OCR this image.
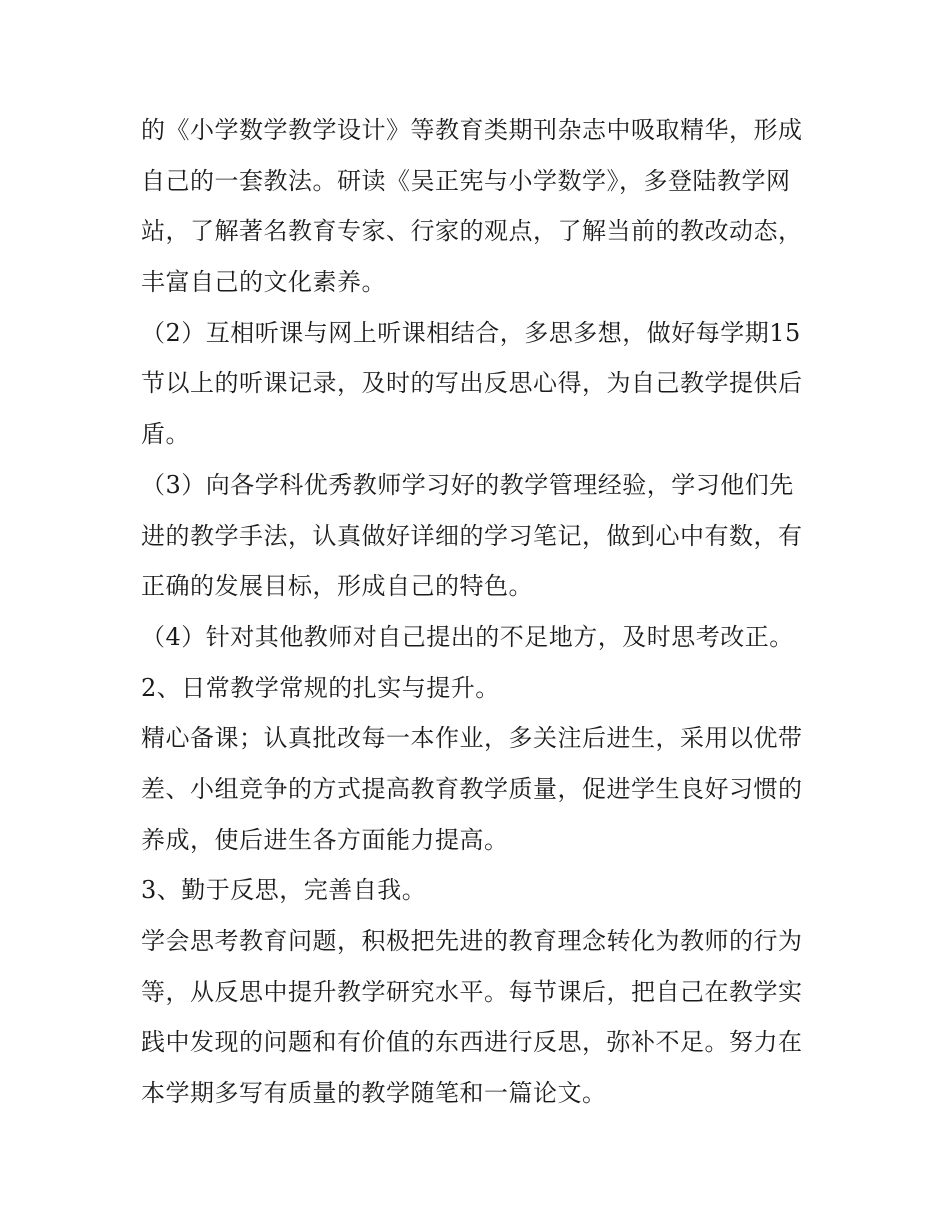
的《小学数学教学设计》等教育类期刊杂志中吸取精华，形成
自己的一套教法。研读《吴正宪与小学数学》，多登陆教学网
站，了解著名教育专家、行家的观点，了解当前的教改动态，
丰富自己的文化素养。
（2）互相听课与网上听课相结合，多思多想，做好每学期15
节以上的听课记录，及时的写出反思心得，为自己教学提供后
盾。
（3）向各学科优秀教师学习好的教学管理经验，学习他们先
进的教学手法，认真做好详细的学习笔记，做到心中有数，有
正确的发展目标，形成自己的特色。
（4）针对其他教师对自己提出的不足地方，及时思考改正。
2、日常教学常规的扎实与提升。
精心备课；认真批改每一本作业，多关注后进生，采用以优带
差、小组竞争的方式提高教育教学质量，促进学生良好习惯的
养成，使后进生各方面能力提高。
3、勤于反思，完善自我。
学会思考教育问题，积极把先进的教育理念转化为教师的行为
等，从反思中提升教学研究水平。每节课后，把自己在教学实
践中发现的问题和有价值的东西进行反思，弥补不足。努力在
本学期多写有质量的教学随笔和一篇论文。
